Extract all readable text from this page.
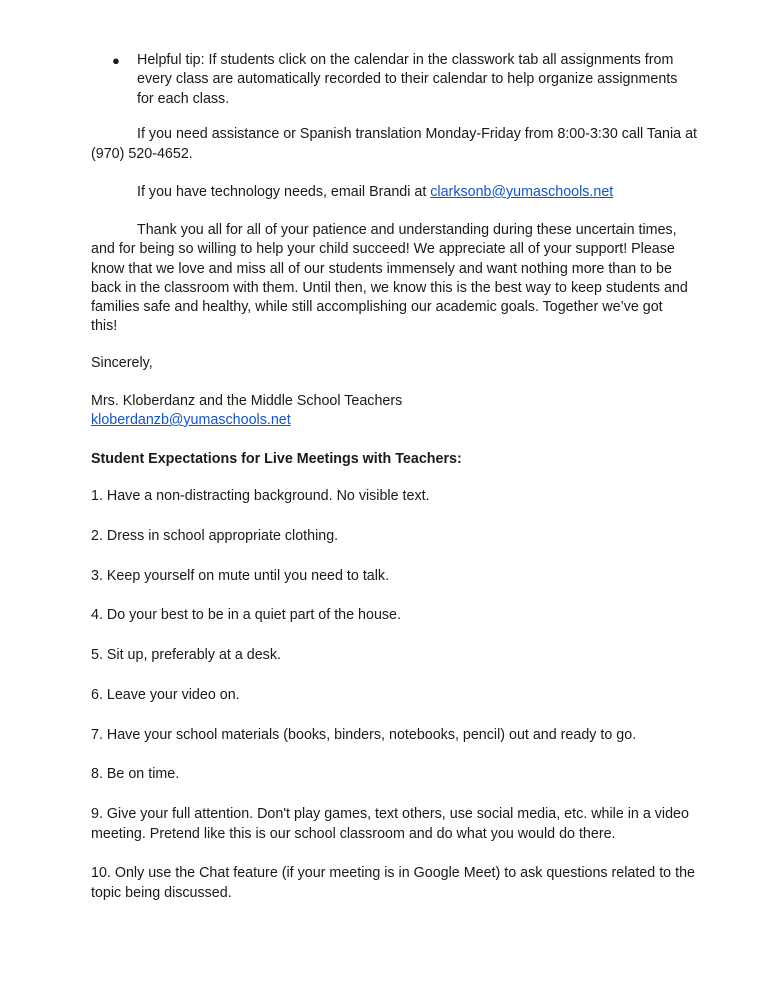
● Helpful tip: If students click on the calendar in the classwork tab all assignments from
every class are automatically recorded to their calendar to help organize assignments
for each class.
If you need assistance or Spanish translation Monday-Friday from 8:00-3:30 call Tania at
(970) 520-4652.
If you have technology needs, email Brandi at clarksonb@yumaschools.net
Thank you all for all of your patience and understanding during these uncertain times,
and for being so willing to help your child succeed! We appreciate all of your support! Please
know that we love and miss all of our students immensely and want nothing more than to be
back in the classroom with them. Until then, we know this is the best way to keep students and
families safe and healthy, while still accomplishing our academic goals. Together we’ve got
this!
Sincerely,
Mrs. Kloberdanz and the Middle School Teachers
kloberdanzb@yumaschools.net
Student Expectations for Live Meetings with Teachers:
1. Have a non-distracting background. No visible text.
2. Dress in school appropriate clothing.
3. Keep yourself on mute until you need to talk.
4. Do your best to be in a quiet part of the house.
5. Sit up, preferably at a desk.
6. Leave your video on.
7. Have your school materials (books, binders, notebooks, pencil) out and ready to go.
8. Be on time.
9. Give your full attention. Don't play games, text others, use social media, etc. while in a video
meeting. Pretend like this is our school classroom and do what you would do there.
10. Only use the Chat feature (if your meeting is in Google Meet) to ask questions related to the
topic being discussed.
